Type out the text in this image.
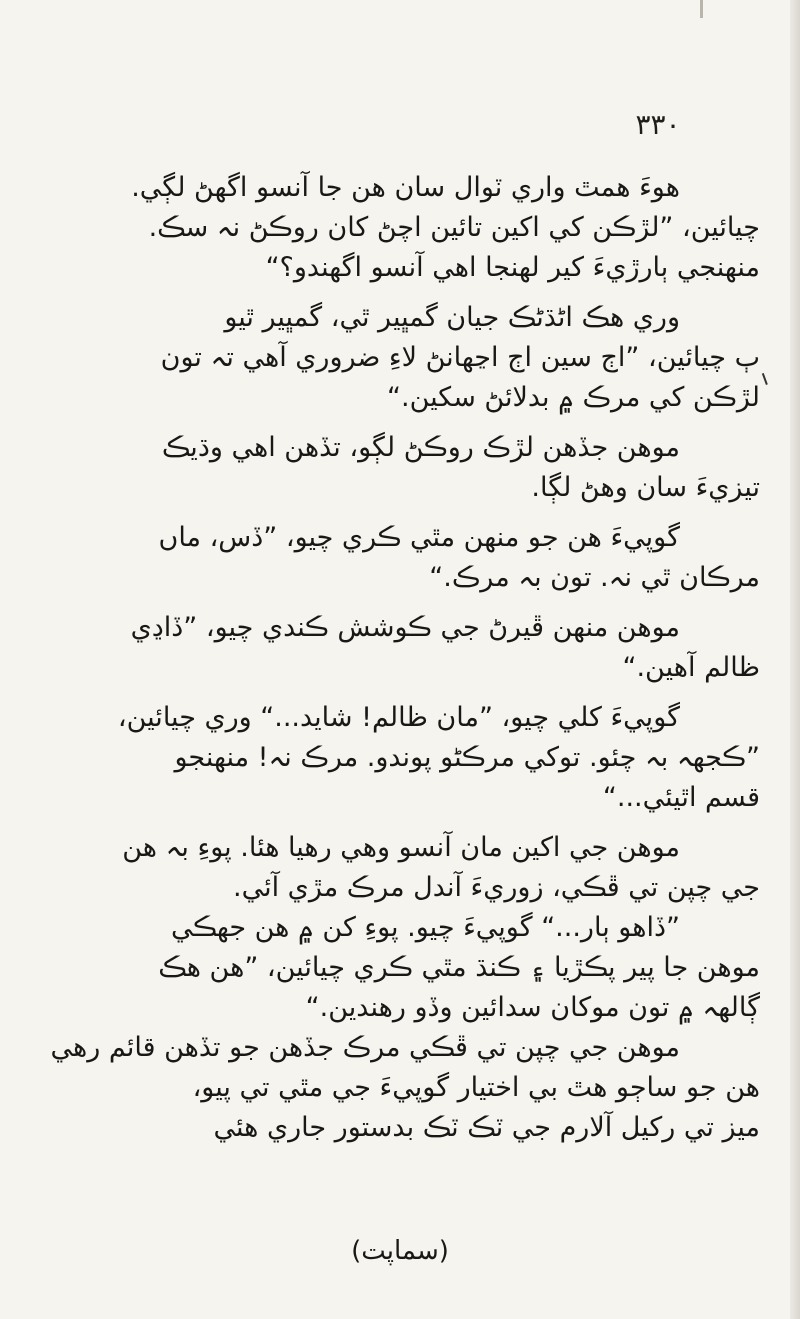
٣٣٠
هوءَ همٿ واري ٽوال سان هن جا آنسو اگهڻ لڳي.
چيائين، ”لڙڪن کي اکين تائين اچڻ کان روڪڻ نہ سڪ.
منهنجي ٻارڙيءَ کير لهنجا اهي آنسو اگهندو؟“
وري هڪ اڻڌڻڪ جيان گمڀير ٿي، گمڀير ٿيو
ٻ چيائين، ”اڄ سين اڄ اڃهانڻ لاءِ ضروري آهي تہ تون
لڙڪن کي مرڪ ۾ بدلائڻ سکين.“
موهن جڏهن لڙڪ روڪڻ لڳو، تڏهن اهي وڌيڪ
تيزيءَ سان وهڻ لڳا.
گوپيءَ هن جو منهن مٿي ڪري چيو، ”ڏس، ماں
مرڪان ٿي نہ. تون بہ مرڪ.“
موهن منهن ڦيرڻ جي ڪوشش ڪندي چيو، ”ڏاڍي
ظالم آهين.“
گوپيءَ کلي چيو، ”مان ظالم! شايد...“ وري چيائين،
”ڪجهہ بہ چئو. توکي مرڪڻو پوندو. مرڪ نہ! منهنجو
قسم اٿيئي...“
موهن جي اکين مان آنسو وهي رهيا هئا. پوءِ بہ هن
جي چپن تي ڦڪي، زوريءَ آندل مرڪ مڙي آئي.
”ڏاهو ٻار...“ گوپيءَ چيو. پوءِ کن ۾ هن جهڪي
موهن جا پير پڪڙيا ۽ ڪنڌ مٿي ڪري چيائين، ”هن هڪ
ڳالهہ ۾ تون موکان سدائين وڏو رهندين.“
موهن جي چپن تي ڦڪي مرڪ جڏهن جو تڏهن قائم رهي
هن جو ساڄو هٿ بي اختيار گوپيءَ جي مٿي تي پيو،
ميز تي رکيل آلارم جي ٽڪ ٽڪ بدستور جاري هئي
(سماپت)
